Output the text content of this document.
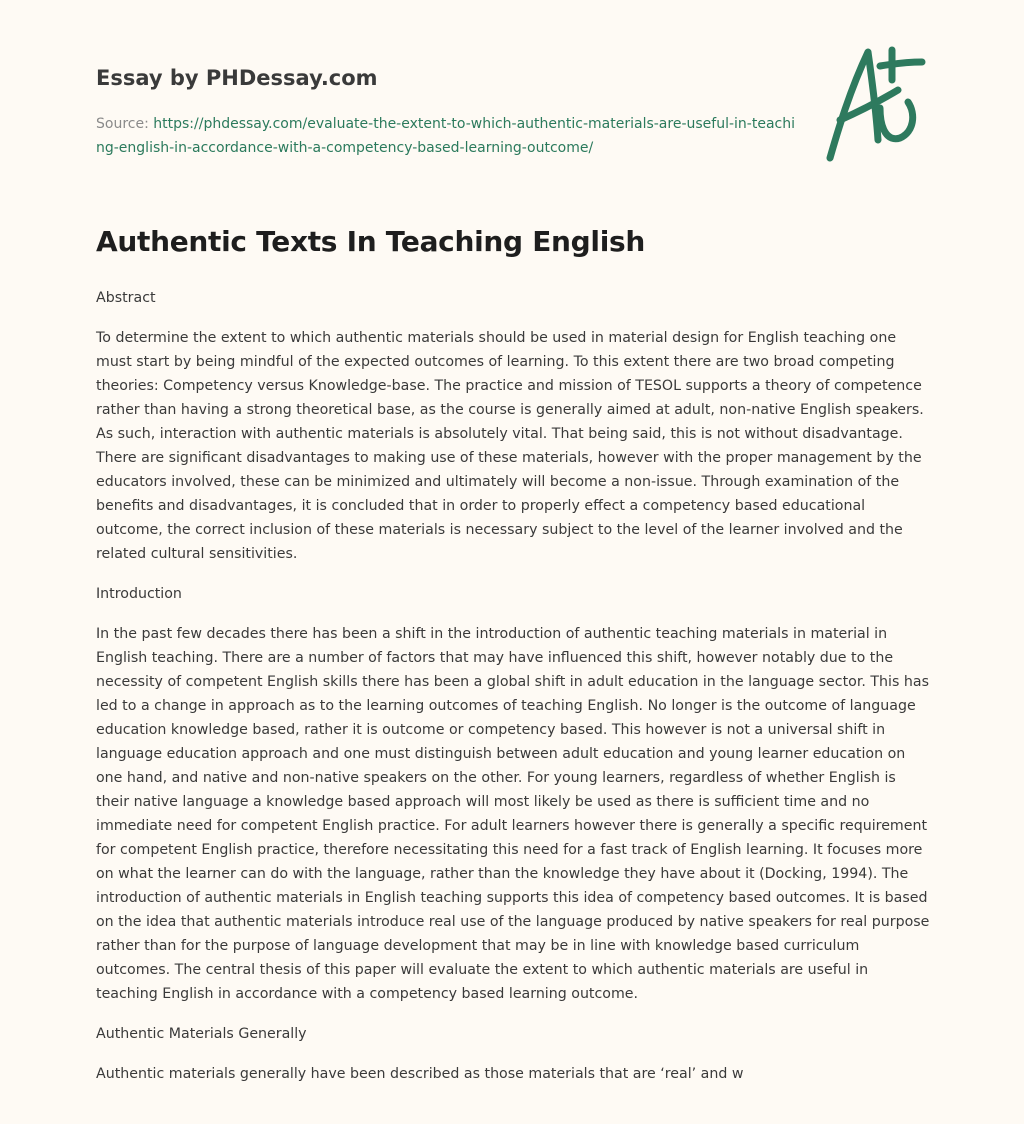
Essay by PHDessay.com

Source: https://phdessay.com/evaluate-the-extent-to-which-authentic-materials-are-useful-in-teaching-english-in-accordance-with-a-competency-based-learning-outcome/

Authentic Texts In Teaching English

Abstract

To determine the extent to which authentic materials should be used in material design for English teaching one must start by being mindful of the expected outcomes of learning. To this extent there are two broad competing theories: Competency versus Knowledge-base. The practice and mission of TESOL supports a theory of competence rather than having a strong theoretical base, as the course is generally aimed at adult, non-native English speakers. As such, interaction with authentic materials is absolutely vital. That being said, this is not without disadvantage. There are significant disadvantages to making use of these materials, however with the proper management by the educators involved, these can be minimized and ultimately will become a non-issue. Through examination of the benefits and disadvantages, it is concluded that in order to properly effect a competency based educational outcome, the correct inclusion of these materials is necessary subject to the level of the learner involved and the related cultural sensitivities.

Introduction

In the past few decades there has been a shift in the introduction of authentic teaching materials in material in English teaching. There are a number of factors that may have influenced this shift, however notably due to the necessity of competent English skills there has been a global shift in adult education in the language sector. This has led to a change in approach as to the learning outcomes of teaching English. No longer is the outcome of language education knowledge based, rather it is outcome or competency based. This however is not a universal shift in language education approach and one must distinguish between adult education and young learner education on one hand, and native and non-native speakers on the other. For young learners, regardless of whether English is their native language a knowledge based approach will most likely be used as there is sufficient time and no immediate need for competent English practice. For adult learners however there is generally a specific requirement for competent English practice, therefore necessitating this need for a fast track of English learning. It focuses more on what the learner can do with the language, rather than the knowledge they have about it (Docking, 1994). The introduction of authentic materials in English teaching supports this idea of competency based outcomes. It is based on the idea that authentic materials introduce real use of the language produced by native speakers for real purpose rather than for the purpose of language development that may be in line with knowledge based curriculum outcomes. The central thesis of this paper will evaluate the extent to which authentic materials are useful in teaching English in accordance with a competency based learning outcome.

Authentic Materials Generally

Authentic materials generally have been described as those materials that are ‘real’ and w
